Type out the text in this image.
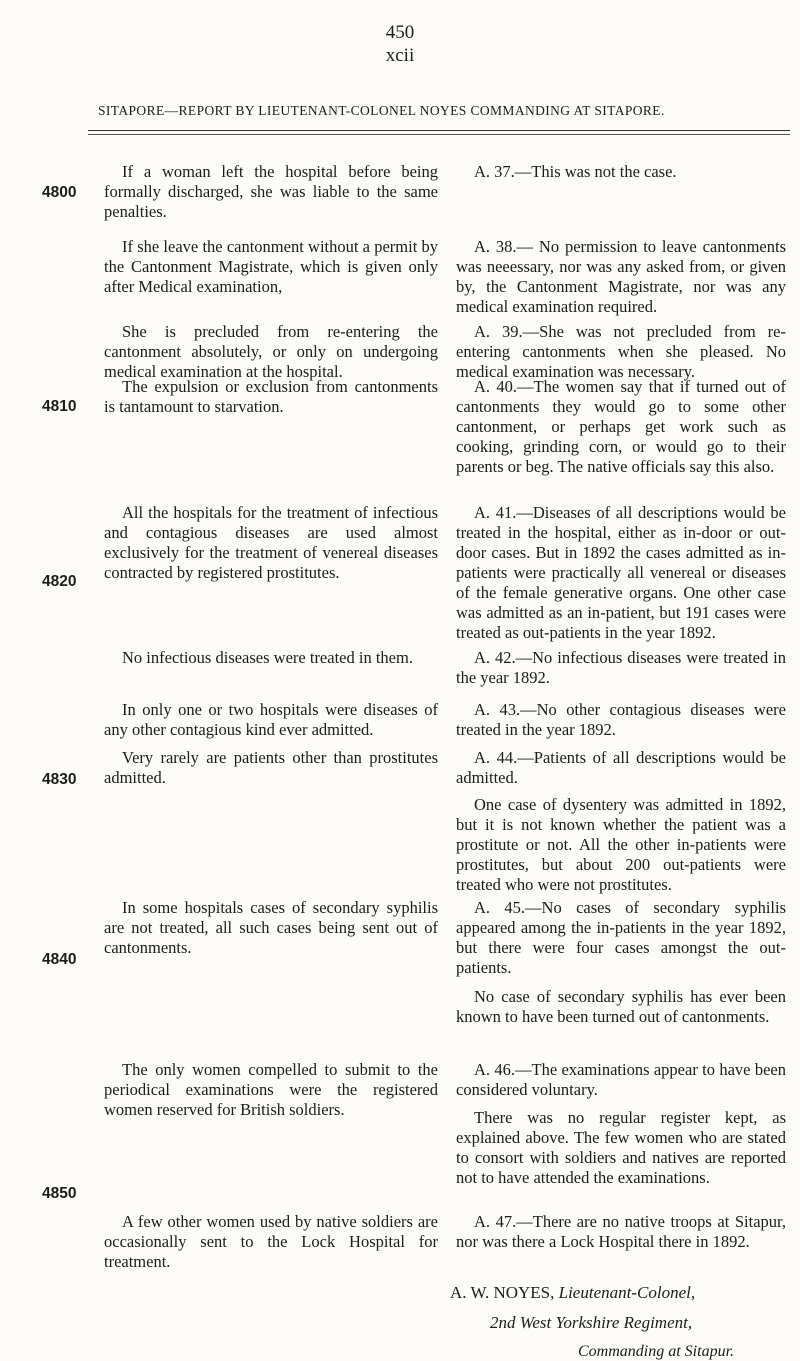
450
xcii
SITAPORE—REPORT BY LIEUTENANT-COLONEL NOYES COMMANDING AT SITAPORE.
4800
4810
4820
4830
4840
4850
If a woman left the hospital before being formally discharged, she was liable to the same penalties.
A. 37.—This was not the case.
If she leave the cantonment without a permit by the Cantonment Magistrate, which is given only after Medical examination,
A. 38.— No permission to leave cantonments was neeessary, nor was any asked from, or given by, the Cantonment Magistrate, nor was any medical examination required.
She is precluded from re-entering the cantonment absolutely, or only on undergoing medical examination at the hospital.
A. 39.—She was not precluded from re-entering cantonments when she pleased. No medical examination was necessary.
The expulsion or exclusion from cantonments is tantamount to starvation.
A. 40.—The women say that if turned out of cantonments they would go to some other cantonment, or perhaps get work such as cooking, grinding corn, or would go to their parents or beg. The native officials say this also.
All the hospitals for the treatment of infectious and contagious diseases are used almost exclusively for the treatment of venereal diseases contracted by registered prostitutes.
A. 41.—Diseases of all descriptions would be treated in the hospital, either as in-door or out-door cases. But in 1892 the cases admitted as in-patients were practically all venereal or diseases of the female generative organs. One other case was admitted as an in-patient, but 191 cases were treated as out-patients in the year 1892.
No infectious diseases were treated in them.	A. 42.—No infectious diseases were treated in the year 1892.
In only one or two hospitals were diseases of any other contagious kind ever admitted.
A. 43.—No other contagious diseases were treated in the year 1892.
Very rarely are patients other than prostitutes admitted.
A. 44.—Patients of all descriptions would be admitted.
One case of dysentery was admitted in 1892, but it is not known whether the patient was a prostitute or not. All the other in-patients were prostitutes, but about 200 out-patients were treated who were not prostitutes.
In some hospitals cases of secondary syphilis are not treated, all such cases being sent out of cantonments.
A. 45.—No cases of secondary syphilis appeared among the in-patients in the year 1892, but there were four cases amongst the out-patients.
No case of secondary syphilis has ever been known to have been turned out of cantonments.
The only women compelled to submit to the periodical examinations were the registered women reserved for British soldiers.
A. 46.—The examinations appear to have been considered voluntary.
There was no regular register kept, as explained above. The few women who are stated to consort with soldiers and natives are reported not to have attended the examinations.
A few other women used by native soldiers are occasionally sent to the Lock Hospital for treatment.
A. 47.—There are no native troops at Sitapur, nor was there a Lock Hospital there in 1892.
A. W. NOYES, Lieutenant-Colonel,
2nd West Yorkshire Regiment,
Commanding at Sitapur.
